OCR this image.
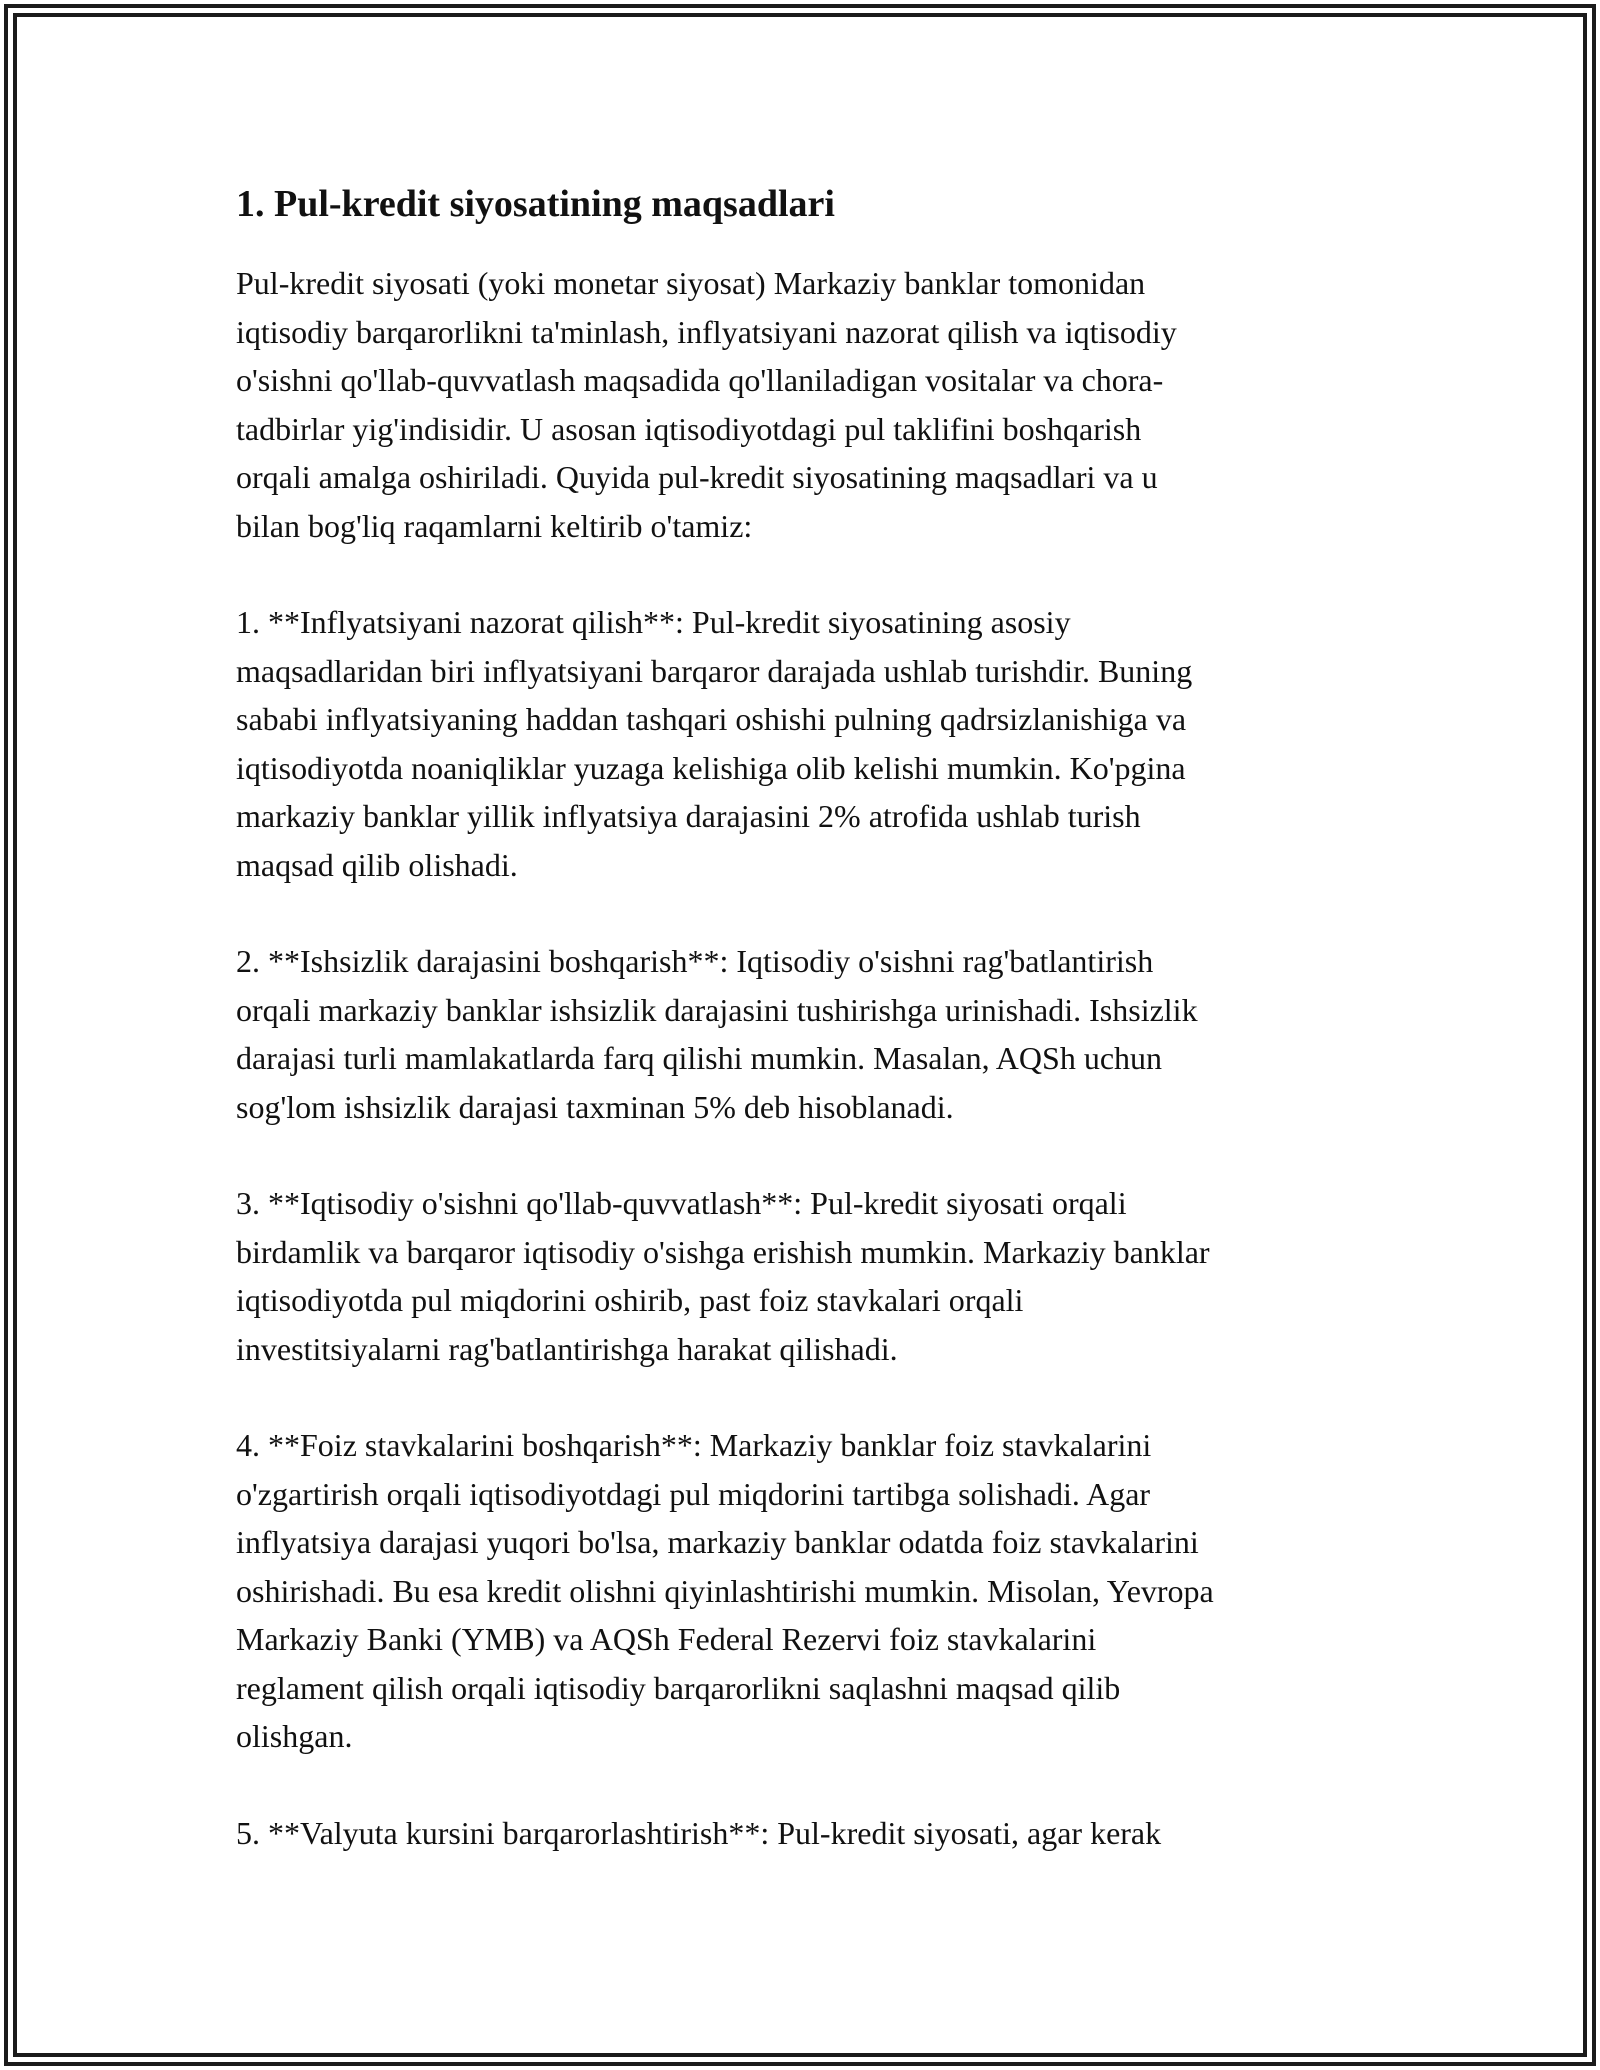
1. Pul-kredit siyosatining maqsadlari

Pul-kredit siyosati (yoki monetar siyosat) Markaziy banklar tomonidan
iqtisodiy barqarorlikni ta'minlash, inflyatsiyani nazorat qilish va iqtisodiy
o'sishni qo'llab-quvvatlash maqsadida qo'llaniladigan vositalar va chora-
tadbirlar yig'indisidir. U asosan iqtisodiyotdagi pul taklifini boshqarish
orqali amalga oshiriladi. Quyida pul-kredit siyosatining maqsadlari va u
bilan bog'liq raqamlarni keltirib o'tamiz:

1. **Inflyatsiyani nazorat qilish**: Pul-kredit siyosatining asosiy
maqsadlaridan biri inflyatsiyani barqaror darajada ushlab turishdir. Buning
sababi inflyatsiyaning haddan tashqari oshishi pulning qadrsizlanishiga va
iqtisodiyotda noaniqliklar yuzaga kelishiga olib kelishi mumkin. Ko'pgina
markaziy banklar yillik inflyatsiya darajasini 2% atrofida ushlab turish
maqsad qilib olishadi.

2. **Ishsizlik darajasini boshqarish**: Iqtisodiy o'sishni rag'batlantirish
orqali markaziy banklar ishsizlik darajasini tushirishga urinishadi. Ishsizlik
darajasi turli mamlakatlarda farq qilishi mumkin. Masalan, AQSh uchun
sog'lom ishsizlik darajasi taxminan 5% deb hisoblanadi.

3. **Iqtisodiy o'sishni qo'llab-quvvatlash**: Pul-kredit siyosati orqali
birdamlik va barqaror iqtisodiy o'sishga erishish mumkin. Markaziy banklar
iqtisodiyotda pul miqdorini oshirib, past foiz stavkalari orqali
investitsiyalarni rag'batlantirishga harakat qilishadi.

4. **Foiz stavkalarini boshqarish**: Markaziy banklar foiz stavkalarini
o'zgartirish orqali iqtisodiyotdagi pul miqdorini tartibga solishadi. Agar
inflyatsiya darajasi yuqori bo'lsa, markaziy banklar odatda foiz stavkalarini
oshirishadi. Bu esa kredit olishni qiyinlashtirishi mumkin. Misolan, Yevropa
Markaziy Banki (YMB) va AQSh Federal Rezervi foiz stavkalarini
reglament qilish orqali iqtisodiy barqarorlikni saqlashni maqsad qilib
olishgan.

5. **Valyuta kursini barqarorlashtirish**: Pul-kredit siyosati, agar kerak
